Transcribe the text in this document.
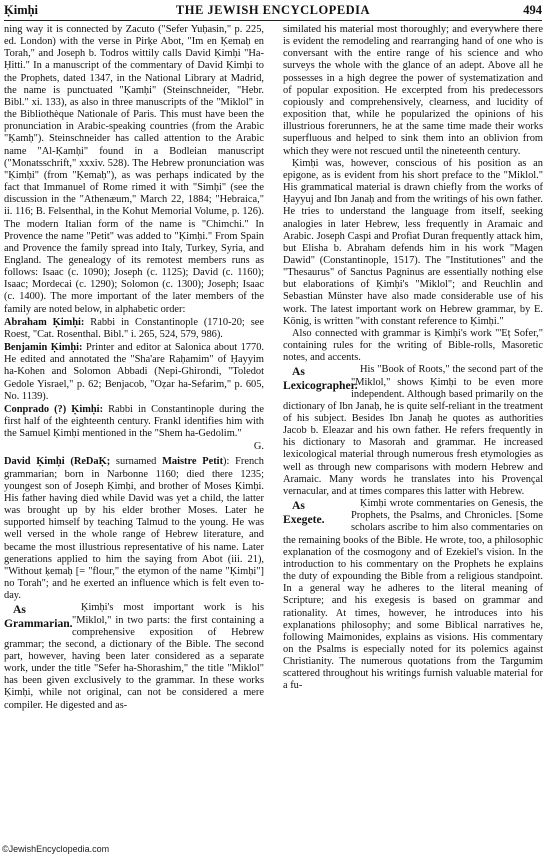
Ḳimḥi	THE JEWISH ENCYCLOPEDIA	494

ning way it is connected by Zacuto ("Sefer Yuḥasin," p. 225, ed. London) with the verse in Pirḳe Abot, "Im en Ḳemaḥ en Torah," and Joseph b. Todros wittily calls David Ḳimḥi "Ha-Ḥitti." In a manuscript of the commentary of David Ḳimḥi to the Prophets, dated 1347, in the National Library at Madrid, the name is punctuated "Ḳamḥi" (Steinschneider, "Hebr. Bibl." xi. 133), as also in three manuscripts of the "Miklol" in the Bibliothèque Nationale of Paris. This must have been the pronunciation in Arabic-speaking countries (from the Arabic "Ḳamḥ"). Steinschneider has called attention to the Arabic name "Al-Ḳamḥi" found in a Bodleian manuscript ("Monatsschrift," xxxiv. 528). The Hebrew pronunciation was "Ḳimḥi" (from "Ḳemaḥ"), as was perhaps indicated by the fact that Immanuel of Rome rimed it with "Simḥi" (see the discussion in the "Athenæum," March 22, 1884; "Hebraica," ii. 116; B. Felsenthal, in the Kohut Memorial Volume, p. 126). The modern Italian form of the name is "Chimchi." In Provence the name "Petit" was added to "Ḳimḥi." From Spain and Provence the family spread into Italy, Turkey, Syria, and England. The genealogy of its remotest members runs as follows: Isaac (c. 1090); Joseph (c. 1125); David (c. 1160); Isaac; Mordecai (c. 1290); Solomon (c. 1300); Joseph; Isaac (c. 1400). The more important of the later members of the family are noted below, in alphabetic order:

Abraham Ḳimḥi: Rabbi in Constantinople (1710-20; see Roest, "Cat. Rosenthal. Bibl." i. 265, 524, 579, 986).

Benjamin Ḳimḥi: Printer and editor at Salonica about 1770. He edited and annotated the "Sha'are Raḥamim" of Ḥayyim ha-Kohen and Solomon Abbadi (Nepi-Ghirondi, "Toledot Gedole Yisrael," p. 62; Benjacob, "Oẓar ha-Sefarim," p. 605, No. 1139).

Conprado (?) Ḳimḥi: Rabbi in Constantinople during the first half of the eighteenth century. Frankl identifies him with the Samuel Ḳimḥi mentioned in the "Shem ha-Gedolim."

G.

David Ḳimḥi (ReDaḲ; surnamed Maistre Petit): French grammarian; born in Narbonne 1160; died there 1235; youngest son of Joseph Ḳimḥi, and brother of Moses Ḳimḥi. His father having died while David was yet a child, the latter was brought up by his elder brother Moses. Later he supported himself by teaching Talmud to the young. He was well versed in the whole range of Hebrew literature, and became the most illustrious representative of his name. Later generations applied to him the saying from Abot (iii. 21), "Without ḳemaḥ [= "flour," the etymon of the name "Ḳimḥi"] no Torah"; and he exerted an influence which is felt even to-day.

As Grammarian.
Ḳimḥi's most important work is his "Miklol," in two parts: the first containing a comprehensive exposition of Hebrew grammar; the second, a dictionary of the Bible. The second part, however, having been later considered as a separate work, under the title "Sefer ha-Shorashim," the title "Miklol" has been given exclusively to the grammar. In these works Ḳimḥi, while not original, can not be considered a mere compiler. He digested and as-

similated his material most thoroughly; and everywhere there is evident the remodeling and rearranging hand of one who is conversant with the entire range of his science and who surveys the whole with the glance of an adept. Above all he possesses in a high degree the power of systematization and of popular exposition. He excerpted from his predecessors copiously and comprehensively, clearness, and lucidity of exposition that, while he popularized the opinions of his illustrious forerunners, he at the same time made their works superfluous and helped to sink them into an oblivion from which they were not rescued until the nineteenth century.

Ḳimḥi was, however, conscious of his position as an epigone, as is evident from his short preface to the "Miklol." His grammatical material is drawn chiefly from the works of Ḥayyuj and Ibn Janaḥ and from the writings of his own father. He tries to understand the language from itself, seeking analogies in later Hebrew, less frequently in Aramaic and Arabic. Joseph Caspi and Profiat Duran frequently attack him, but Elisha b. Abraham defends him in his work "Magen Dawid" (Constantinople, 1517). The "Institutiones" and the "Thesaurus" of Sanctus Pagninus are essentially nothing else but elaborations of Ḳimḥi's "Miklol"; and Reuchlin and Sebastian Münster have also made considerable use of his work. The latest important work on Hebrew grammar, by E. König, is written "with constant reference to Ḳimḥi."

Also connected with grammar is Ḳimḥi's work "'Eṭ Sofer," containing rules for the writing of Bible-rolls, Masoretic notes, and accents.

As Lexicographer.
His "Book of Roots," the second part of the "Miklol," shows Ḳimḥi to be even more independent. Although based primarily on the dictionary of Ibn Janaḥ, he is quite self-reliant in the treatment of his subject. Besides Ibn Janaḥ he quotes as authorities Jacob b. Eleazar and his own father. He refers frequently in his dictionary to Masorah and grammar. He increased lexicological material through numerous fresh etymologies as well as through new comparisons with modern Hebrew and Aramaic. Many words he translates into his Provençal vernacular, and at times compares this latter with Hebrew.

As Exegete.
Ḳimḥi wrote commentaries on Genesis, the Prophets, the Psalms, and Chronicles. [Some scholars ascribe to him also commentaries on the remaining books of the Bible. He wrote, too, a philosophic explanation of the cosmogony and of Ezekiel's vision. In the introduction to his commentary on the Prophets he explains the duty of expounding the Bible from a religious standpoint. In a general way he adheres to the literal meaning of Scripture; and his exegesis is based on grammar and rationality. At times, however, he introduces into his explanations philosophy; and some Biblical narratives he, following Maimonides, explains as visions. His commentary on the Psalms is especially noted for its polemics against Christianity. The numerous quotations from the Targumim scattered throughout his writings furnish valuable material for a fu-

©JewishEncyclopedia.com
